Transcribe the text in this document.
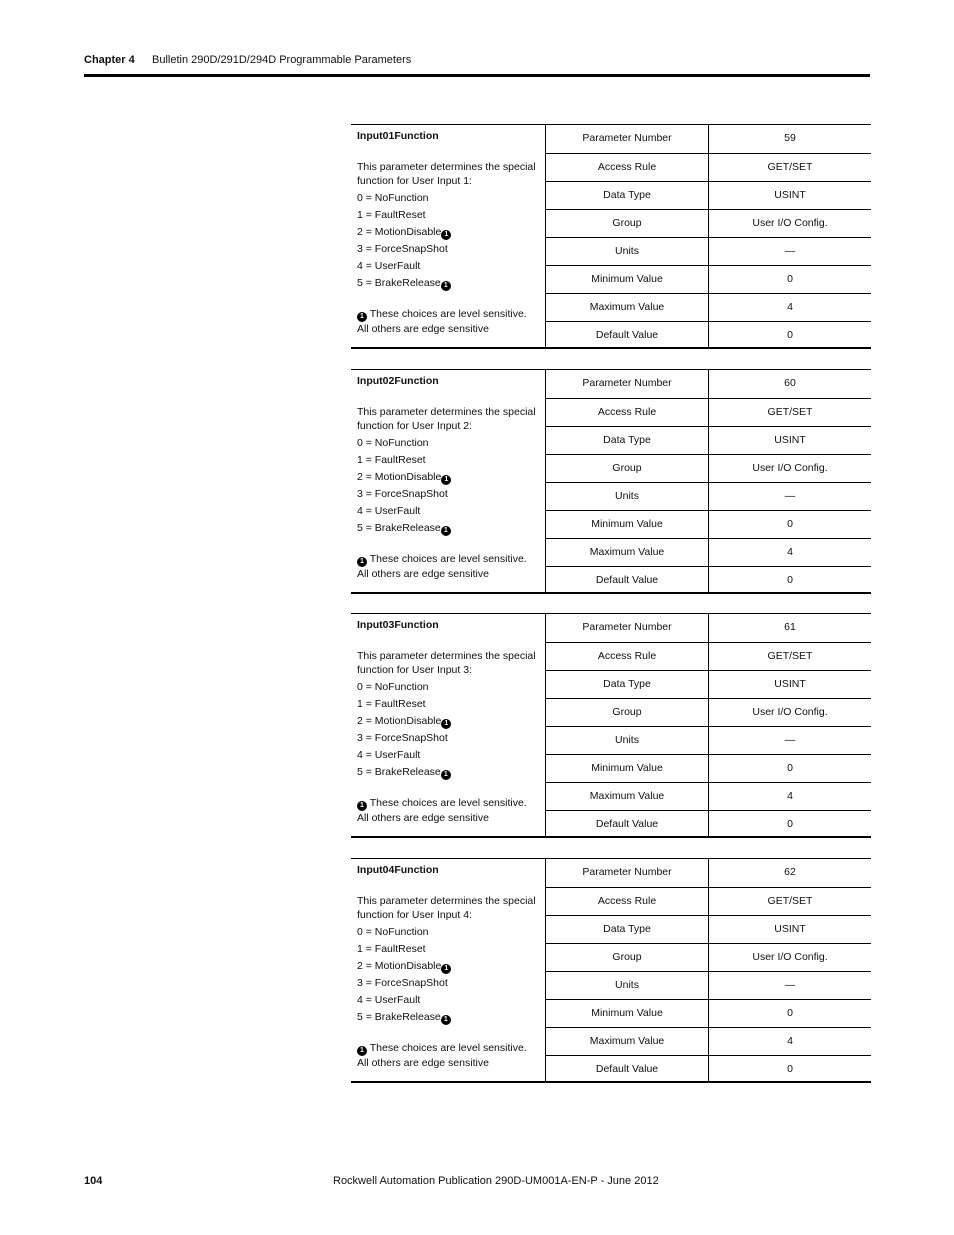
Chapter 4 Bulletin 290D/291D/294D Programmable Parameters
Input01Function
This parameter determines the special function for User Input 1:
0 = NoFunction
1 = FaultReset
2 = MotionDisable 1
3 = ForceSnapShot
4 = UserFault
5 = BrakeRelease 1
1 These choices are level sensitive. All others are edge sensitive
Parameter Number	59
Access Rule	GET/SET
Data Type	USINT
Group	User I/O Config.
Units	—
Minimum Value	0
Maximum Value	4
Default Value	0
Input02Function
This parameter determines the special function for User Input 2:
0 = NoFunction
1 = FaultReset
2 = MotionDisable 1
3 = ForceSnapShot
4 = UserFault
5 = BrakeRelease 1
1 These choices are level sensitive. All others are edge sensitive
Parameter Number	60
Access Rule	GET/SET
Data Type	USINT
Group	User I/O Config.
Units	—
Minimum Value	0
Maximum Value	4
Default Value	0
Input03Function
This parameter determines the special function for User Input 3:
0 = NoFunction
1 = FaultReset
2 = MotionDisable 1
3 = ForceSnapShot
4 = UserFault
5 = BrakeRelease 1
1 These choices are level sensitive. All others are edge sensitive
Parameter Number	61
Access Rule	GET/SET
Data Type	USINT
Group	User I/O Config.
Units	—
Minimum Value	0
Maximum Value	4
Default Value	0
Input04Function
This parameter determines the special function for User Input 4:
0 = NoFunction
1 = FaultReset
2 = MotionDisable 1
3 = ForceSnapShot
4 = UserFault
5 = BrakeRelease 1
1 These choices are level sensitive. All others are edge sensitive
Parameter Number	62
Access Rule	GET/SET
Data Type	USINT
Group	User I/O Config.
Units	—
Minimum Value	0
Maximum Value	4
Default Value	0
104	Rockwell Automation Publication 290D-UM001A-EN-P - June 2012
